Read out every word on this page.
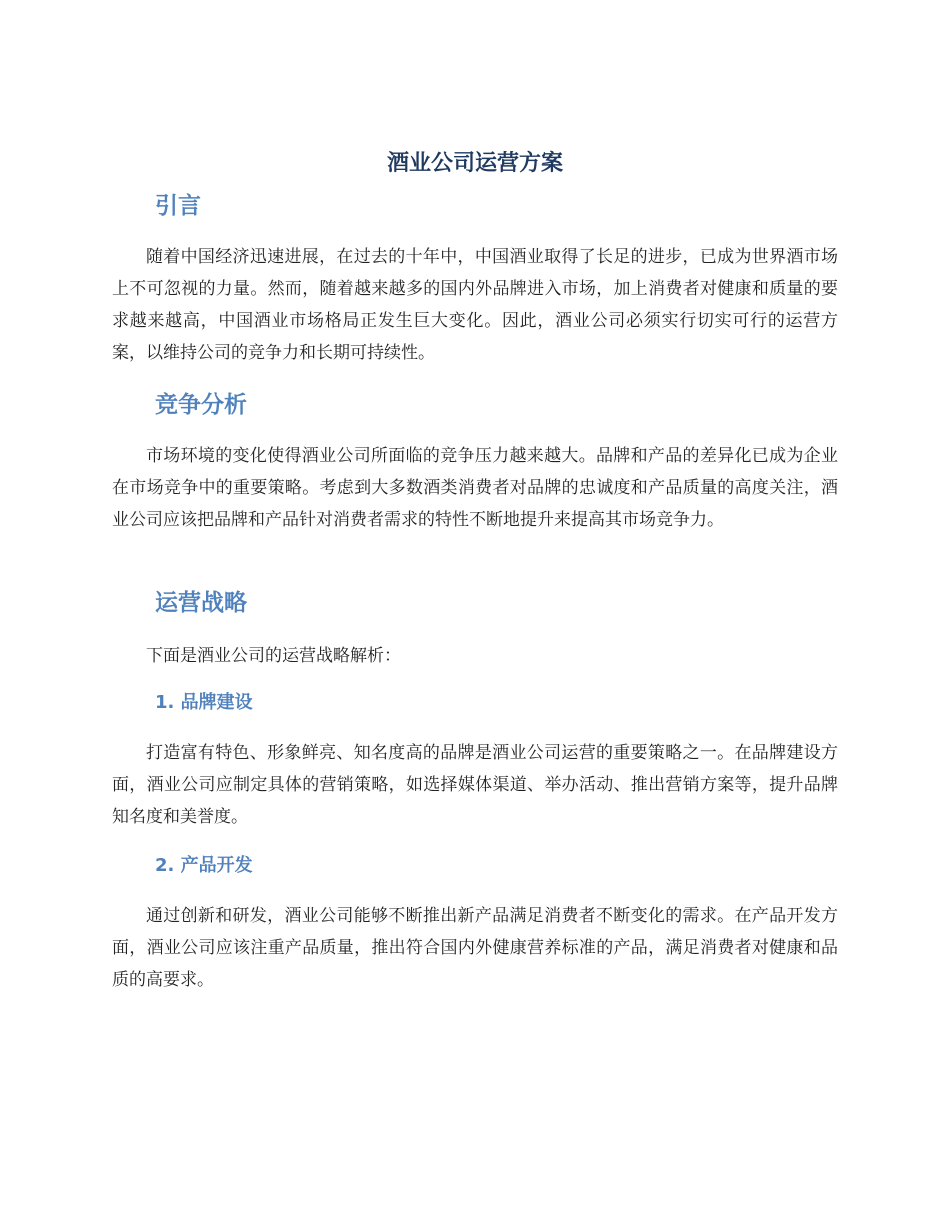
酒业公司运营方案
引言

随着中国经济迅速进展，在过去的十年中，中国酒业取得了长足的进步，已成为世界酒市场上不可忽视的力量。然而，随着越来越多的国内外品牌进入市场，加上消费者对健康和质量的要求越来越高，中国酒业市场格局正发生巨大变化。因此，酒业公司必须实行切实可行的运营方案，以维持公司的竞争力和长期可持续性。

竞争分析

市场环境的变化使得酒业公司所面临的竞争压力越来越大。品牌和产品的差异化已成为企业在市场竞争中的重要策略。考虑到大多数酒类消费者对品牌的忠诚度和产品质量的高度关注，酒业公司应该把品牌和产品针对消费者需求的特性不断地提升来提高其市场竞争力。

运营战略

下面是酒业公司的运营战略解析：

1. 品牌建设

打造富有特色、形象鲜亮、知名度高的品牌是酒业公司运营的重要策略之一。在品牌建设方面，酒业公司应制定具体的营销策略，如选择媒体渠道、举办活动、推出营销方案等，提升品牌知名度和美誉度。

2. 产品开发

通过创新和研发，酒业公司能够不断推出新产品满足消费者不断变化的需求。在产品开发方面，酒业公司应该注重产品质量，推出符合国内外健康营养标准的产品，满足消费者对健康和品质的高要求。
